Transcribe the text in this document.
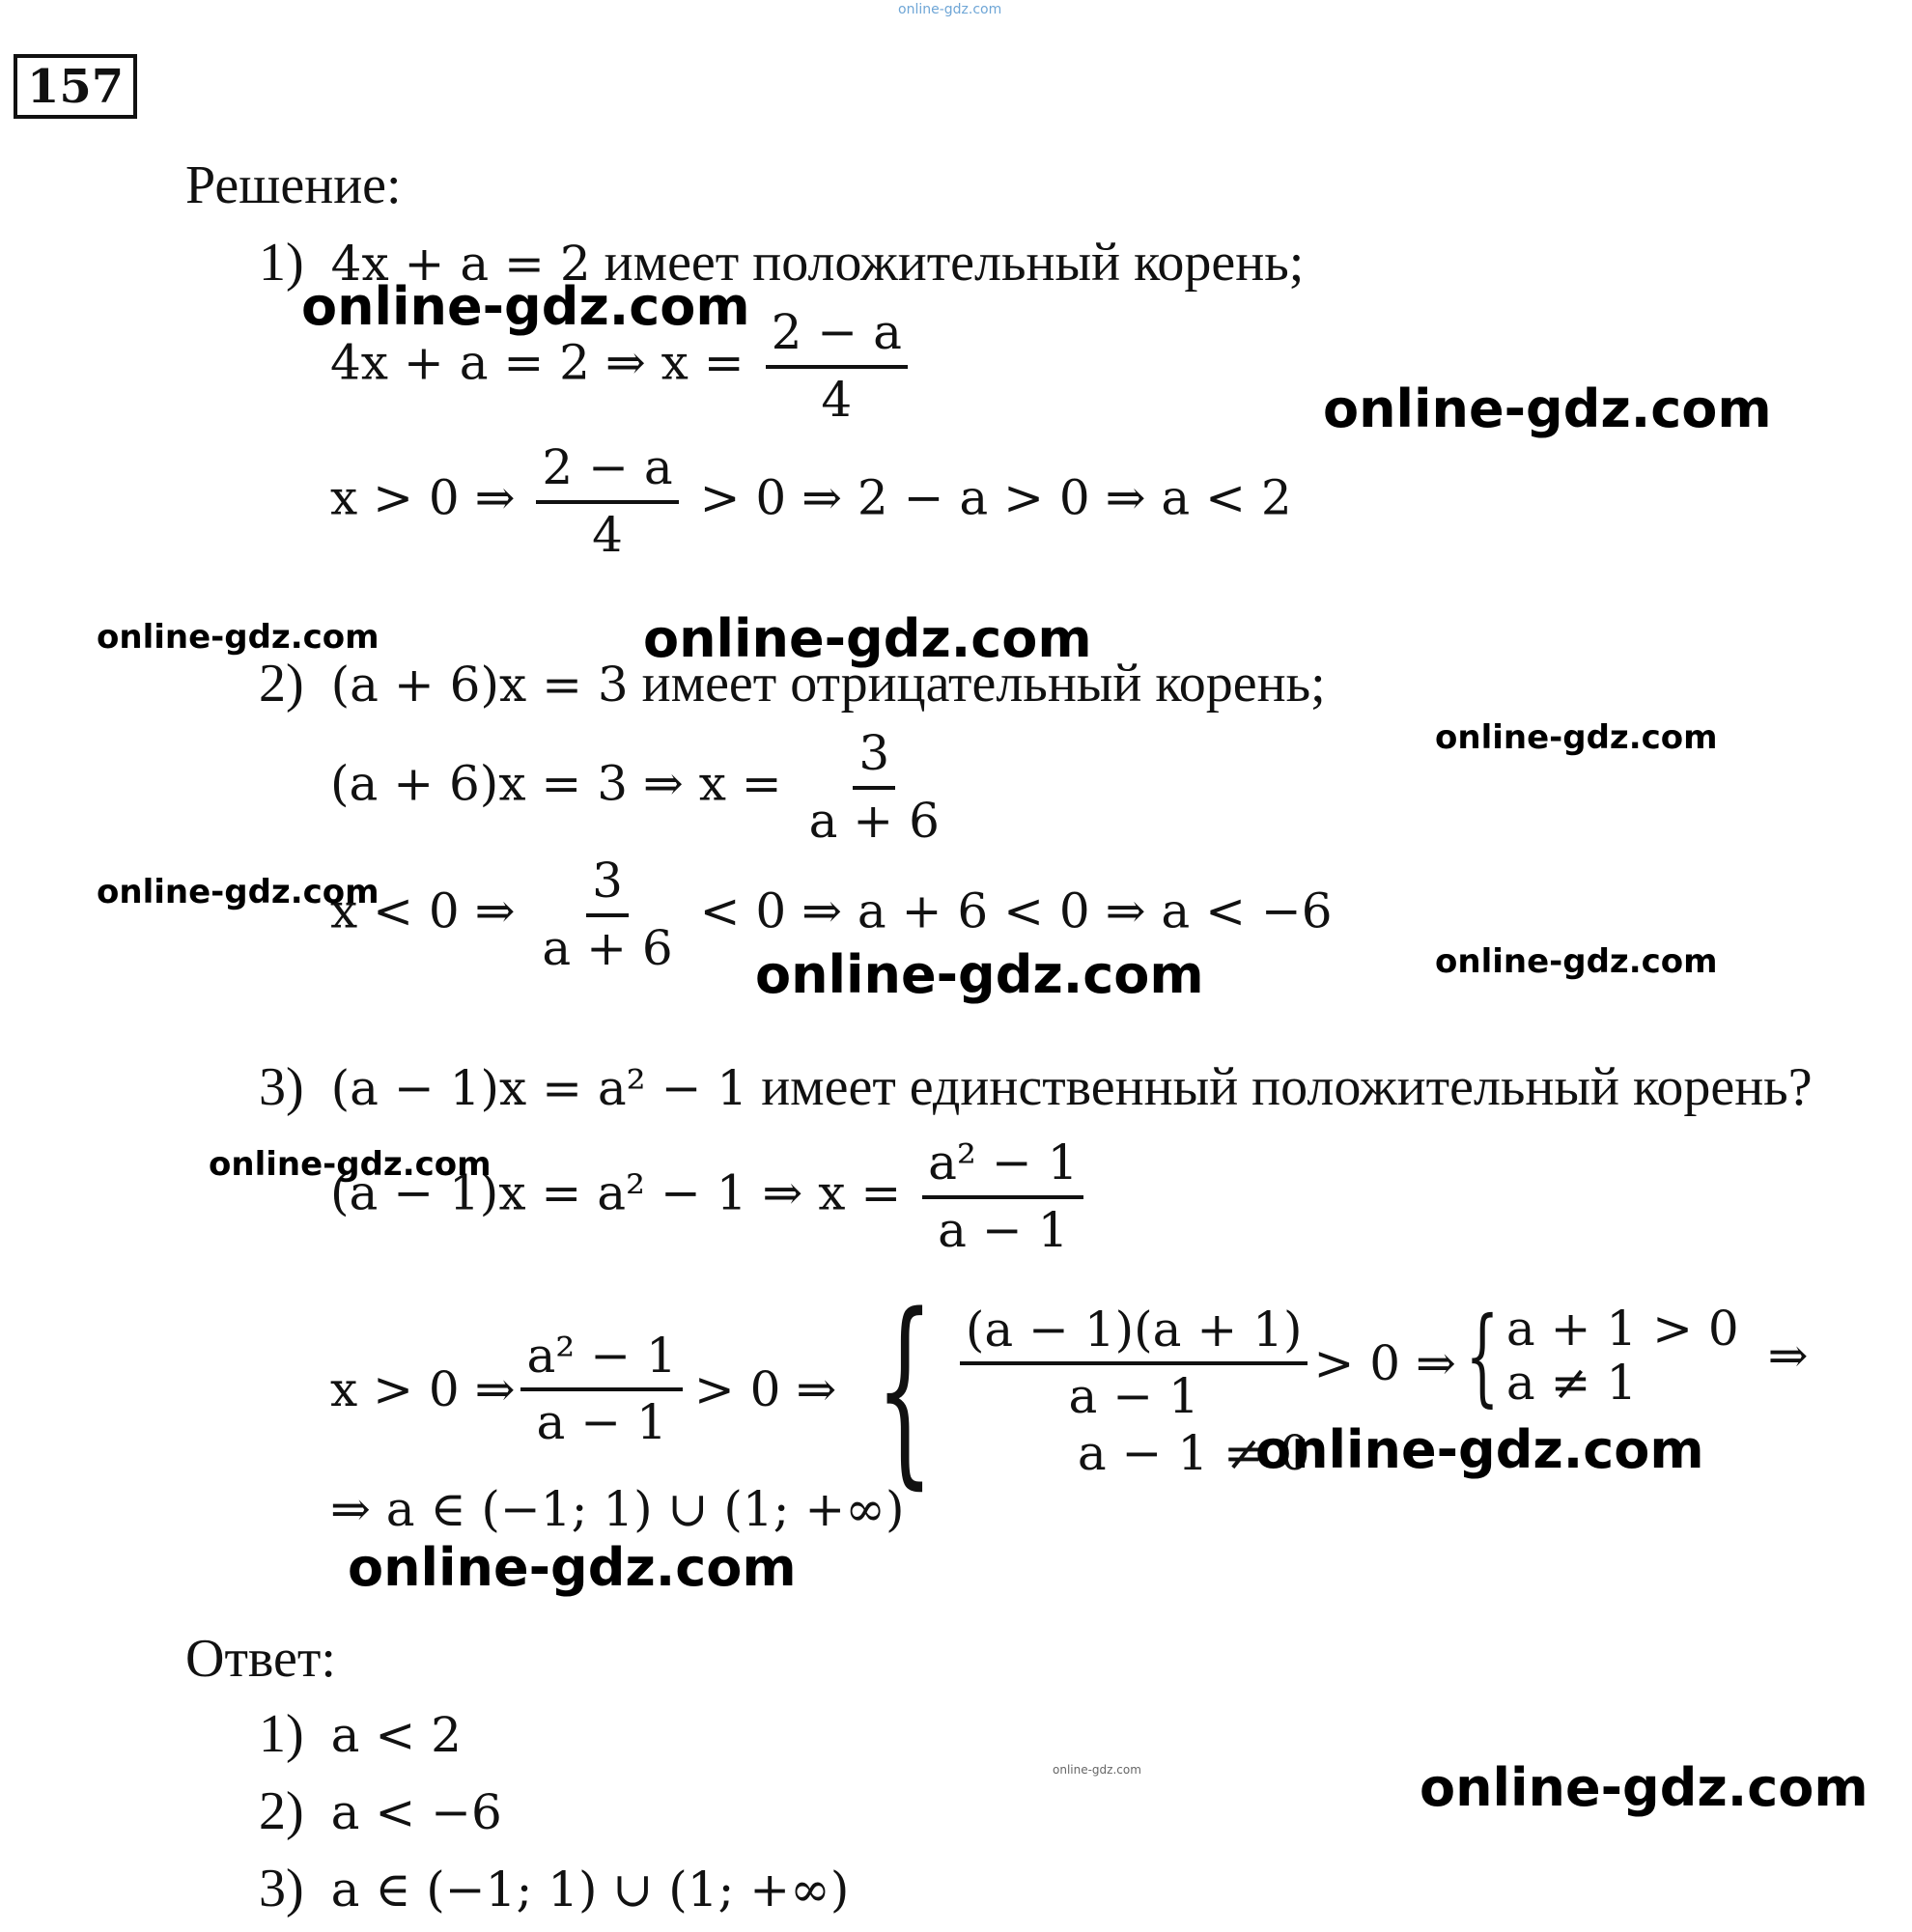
online-gdz.com
157
Решение:
1) 4x + a = 2 имеет положительный корень;
4x + a = 2 ⇒ $x = \frac{2 - a}{4}$
x > 0 ⇒ $\frac{2 - a}{4} > 0$ ⇒ 2 − a > 0 ⇒ a < 2
2) (a + 6)x = 3 имеет отрицательный корень;
(a + 6)x = 3 ⇒ $x = \frac{3}{a + 6}$
x < 0 ⇒ $\frac{3}{a + 6} < 0$ ⇒ a + 6 < 0 ⇒ a < −6
3) (a − 1)x = a² − 1 имеет единственный положительный корень?
(a − 1)x = a² − 1 ⇒ $x = \frac{\text{a² − 1}}{a - 1}$
x > 0 ⇒ $\frac{\text{a² − 1}}{a - 1} > 0$ ⇒ { $\frac{(a - 1)(a + 1)}{a - 1} > 0$ ⇒
a − 1 ≠ 0
{ a + 1 > 0
a ≠ 1	⇒
⇒ a ∈ (−1; 1) ∪ (1; +∞)
Ответ:
1) a < 2
2) a < −6
3) a ∈ (−1; 1) ∪ (1; +∞)
online-gdz.com
online-gdz.com
online-gdz.com	online-gdz.com
online-gdz.com
online-gdz.com
online-gdz.com	online-gdz.com
online-gdz.com
online-gdz.com
online-gdz.com
online-gdz.com	online-gdz.com
